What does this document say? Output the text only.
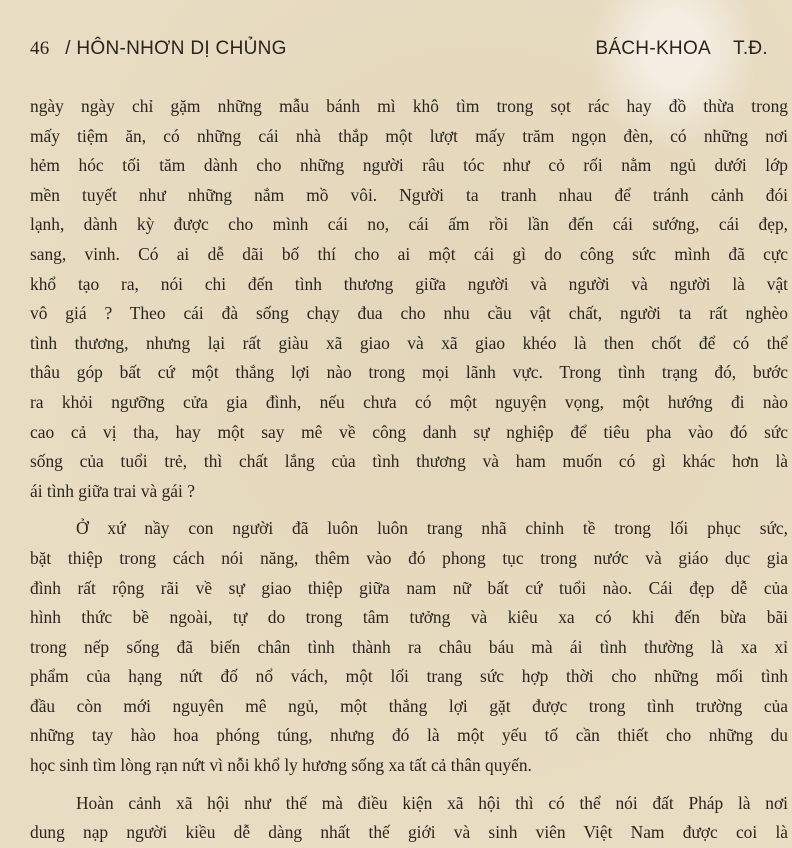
46 / HÔN-NHƠN DỊ CHỦNG	BÁCH-KHOA T.Đ.
ngày ngày chỉ gặm những mẫu bánh mì khô tìm trong sọt rác hay đồ thừa trong
mấy tiệm ăn, có những cái nhà thắp một lượt mấy trăm ngọn đèn, có những nơi
hẻm hóc tối tăm dành cho những người râu tóc như cỏ rối nằm ngủ dưới lớp
mền tuyết như những nắm mồ vôi. Người ta tranh nhau để tránh cảnh đói
lạnh, dành kỳ được cho mình cái no, cái ấm rồi lần đến cái sướng, cái đẹp,
sang, vinh. Có ai dễ dãi bố thí cho ai một cái gì do công sức mình đã cực
khổ tạo ra, nói chi đến tình thương giữa người và người và người là vật
vô giá ? Theo cái đà sống chạy đua cho nhu cầu vật chất, người ta rất nghèo
tình thương, nhưng lại rất giàu xã giao và xã giao khéo là then chốt để có thể
thâu góp bất cứ một thắng lợi nào trong mọi lãnh vực. Trong tình trạng đó, bước
ra khỏi ngưỡng cửa gia đình, nếu chưa có một nguyện vọng, một hướng đi nào
cao cả vị tha, hay một say mê về công danh sự nghiệp để tiêu pha vào đó sức
sống của tuổi trẻ, thì chất lắng của tình thương và ham muốn có gì khác hơn là
ái tình giữa trai và gái ?
Ở xứ nầy con người đã luôn luôn trang nhã chỉnh tề trong lối phục sức,
bặt thiệp trong cách nói năng, thêm vào đó phong tục trong nước và giáo dục gia
đình rất rộng rãi về sự giao thiệp giữa nam nữ bất cứ tuổi nào. Cái đẹp dễ của
hình thức bề ngoài, tự do trong tâm tưởng và kiêu xa có khi đến bừa bãi
trong nếp sống đã biến chân tình thành ra châu báu mà ái tình thường là xa xỉ
phẩm của hạng nứt đố nổ vách, một lối trang sức hợp thời cho những mối tình
đầu còn mới nguyên mê ngủ, một thắng lợi gặt được trong tình trường của
những tay hào hoa phóng túng, nhưng đó là một yếu tố cần thiết cho những du
học sinh tìm lòng rạn nứt vì nỗi khổ ly hương sống xa tất cả thân quyến.
Hoàn cảnh xã hội như thế mà điều kiện xã hội thì có thể nói đất Pháp là nơi
dung nạp người kiều dễ dàng nhất thế giới và sinh viên Việt Nam được coi là
